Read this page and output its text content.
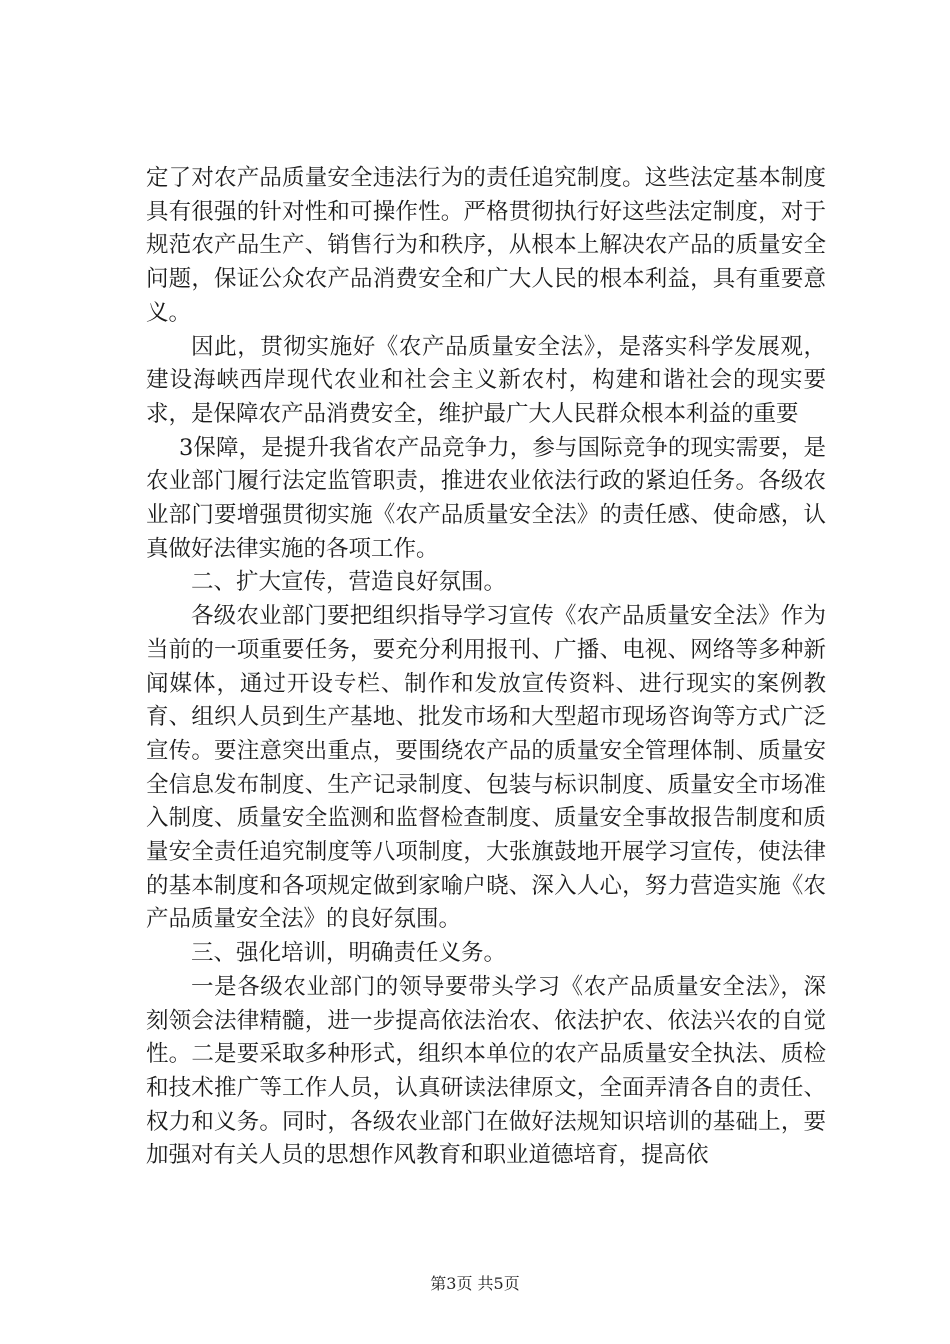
定了对农产品质量安全违法行为的责任追究制度。这些法定基本制度具有很强的针对性和可操作性。严格贯彻执行好这些法定制度，对于规范农产品生产、销售行为和秩序，从根本上解决农产品的质量安全问题，保证公众农产品消费安全和广大人民的根本利益，具有重要意义。

因此，贯彻实施好《农产品质量安全法》，是落实科学发展观，建设海峡西岸现代农业和社会主义新农村，构建和谐社会的现实要求，是保障农产品消费安全，维护最广大人民群众根本利益的重要

3保障，是提升我省农产品竞争力，参与国际竞争的现实需要，是农业部门履行法定监管职责，推进农业依法行政的紧迫任务。各级农业部门要增强贯彻实施《农产品质量安全法》的责任感、使命感，认真做好法律实施的各项工作。

二、扩大宣传，营造良好氛围。

各级农业部门要把组织指导学习宣传《农产品质量安全法》作为当前的一项重要任务，要充分利用报刊、广播、电视、网络等多种新闻媒体，通过开设专栏、制作和发放宣传资料、进行现实的案例教育、组织人员到生产基地、批发市场和大型超市现场咨询等方式广泛宣传。要注意突出重点，要围绕农产品的质量安全管理体制、质量安全信息发布制度、生产记录制度、包装与标识制度、质量安全市场准入制度、质量安全监测和监督检查制度、质量安全事故报告制度和质量安全责任追究制度等八项制度，大张旗鼓地开展学习宣传，使法律的基本制度和各项规定做到家喻户晓、深入人心，努力营造实施《农产品质量安全法》的良好氛围。

三、强化培训，明确责任义务。

一是各级农业部门的领导要带头学习《农产品质量安全法》，深刻领会法律精髓，进一步提高依法治农、依法护农、依法兴农的自觉性。二是要采取多种形式，组织本单位的农产品质量安全执法、质检和技术推广等工作人员，认真研读法律原文，全面弄清各自的责任、权力和义务。同时，各级农业部门在做好法规知识培训的基础上，要加强对有关人员的思想作风教育和职业道德培育，提高依

第3页 共5页
